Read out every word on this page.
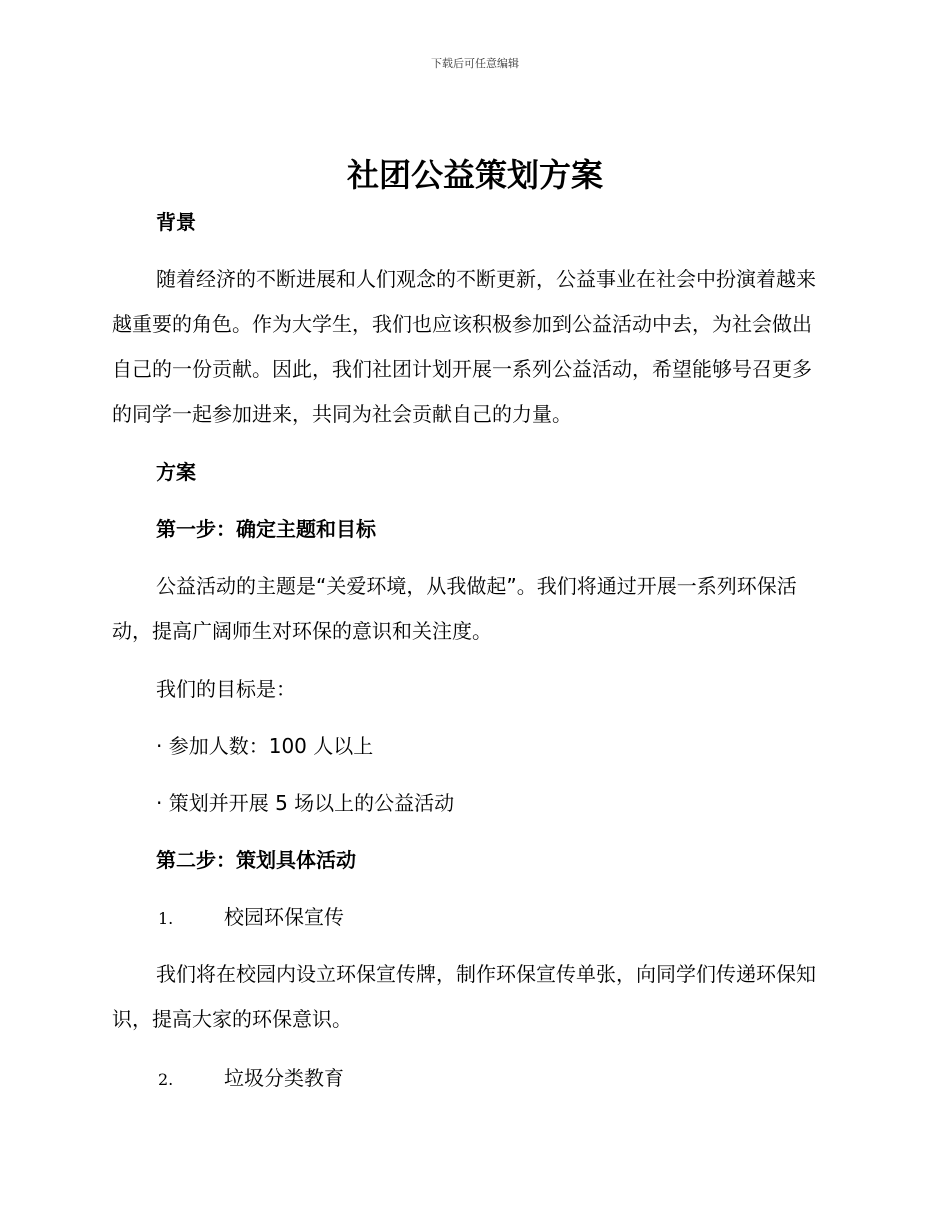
下载后可任意编辑
社团公益策划方案
背景

随着经济的不断进展和人们观念的不断更新，公益事业在社会中扮演着越来越重要的角色。作为大学生，我们也应该积极参加到公益活动中去，为社会做出自己的一份贡献。因此，我们社团计划开展一系列公益活动，希望能够号召更多的同学一起参加进来，共同为社会贡献自己的力量。

方案
第一步：确定主题和目标

公益活动的主题是“关爱环境，从我做起”。我们将通过开展一系列环保活动，提高广阔师生对环保的意识和关注度。

我们的目标是：
· 参加人数：100 人以上
· 策划并开展 5 场以上的公益活动
第二步：策划具体活动
1.	校园环保宣传

我们将在校园内设立环保宣传牌，制作环保宣传单张，向同学们传递环保知识，提高大家的环保意识。

2.	垃圾分类教育
